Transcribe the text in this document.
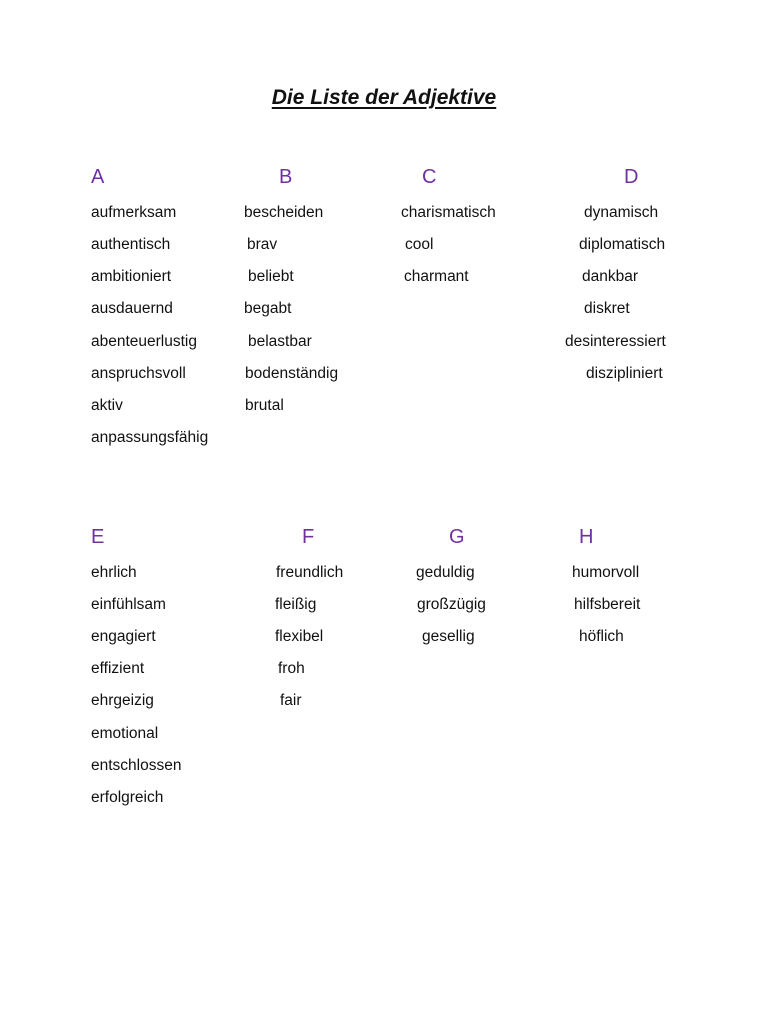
Die Liste der Adjektive
A
aufmerksam
authentisch
ambitioniert
ausdauernd
abenteuerlustig
anspruchsvoll
aktiv
anpassungsfähig
B
bescheiden
brav
beliebt
begabt
belastbar
bodenständig
brutal
C
charismatisch
cool
charmant
D
dynamisch
diplomatisch
dankbar
diskret
desinteressiert
diszipliniert
E
ehrlich
einfühlsam
engagiert
effizient
ehrgeizig
emotional
entschlossen
erfolgreich
F
freundlich
fleißig
flexibel
froh
fair
G
geduldig
großzügig
gesellig
H
humorvoll
hilfsbereit
höflich
